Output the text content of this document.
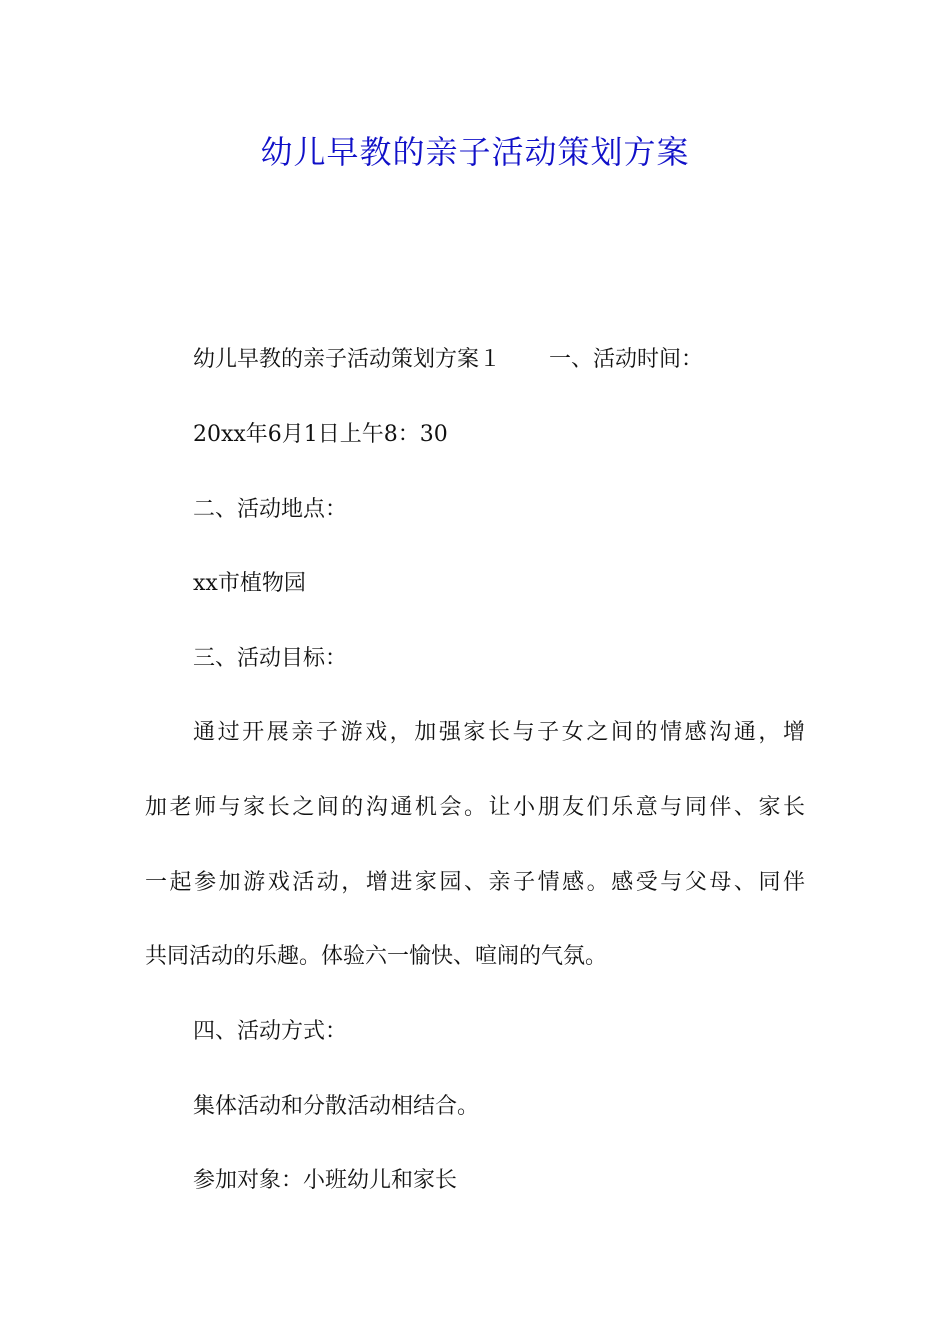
幼儿早教的亲子活动策划方案
幼儿早教的亲子活动策划方案１ 一、活动时间：
20xx年6月1日上午8：30
二、活动地点：
xx市植物园
三、活动目标：
通过开展亲子游戏，加强家长与子女之间的情感沟通，增
加老师与家长之间的沟通机会。让小朋友们乐意与同伴、家长
一起参加游戏活动，增进家园、亲子情感。感受与父母、同伴
共同活动的乐趣。体验六一愉快、喧闹的气氛。
四、活动方式：
集体活动和分散活动相结合。
参加对象：小班幼儿和家长
